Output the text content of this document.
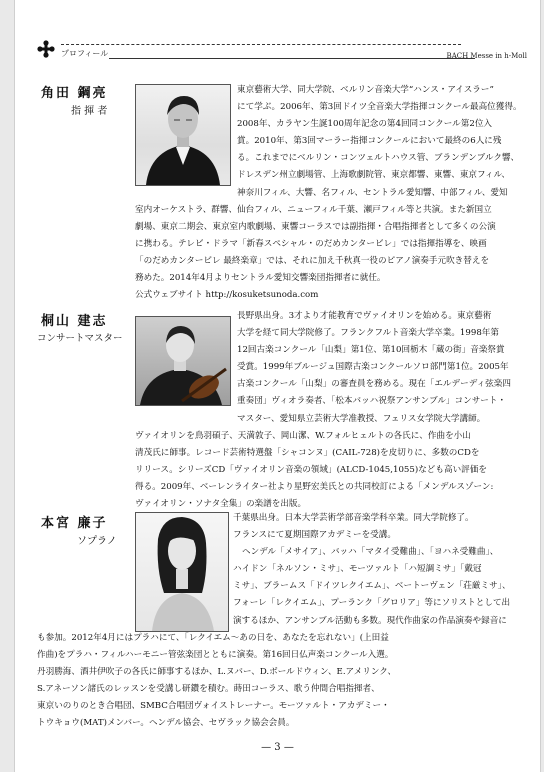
プロフィール	BACH Messe in h-Moll
角田 鋼亮
指 揮 者

東京藝術大学、同大学院、ベルリン音楽大学“ハンス・アイスラー”

にて学ぶ。2006年、第3回ドイツ全音楽大学指揮コンクール最高位獲得。

2008年、カラヤン生誕100周年記念の第4回同コンクール第2位入

賞。2010年、第3回マーラー指揮コンクールにおいて最終の6人に残

る。これまでにベルリン・コンツェルトハウス管、ブランデンブルク響、

ドレスデン州立劇場管、上海歌劇院管、東京都響、東響、東京フィル、

神奈川フィル、大響、名フィル、セントラル愛知響、中部フィル、愛知

室内オーケストラ、群響、仙台フィル、ニューフィル千葉、瀬戸フィル等と共演。また新国立

劇場、東京二期会、東京室内歌劇場、東響コーラスでは副指揮・合唱指揮者として多くの公演

に携わる。テレビ・ドラマ「新春スペシャル・のだめカンタービレ」では指揮指導を、映画

「のだめカンタービレ 最終楽章」では、それに加え千秋真一役のピアノ演奏手元吹き替えを

務めた。2014年4月よりセントラル愛知交響楽団指揮者に就任。

公式ウェブサイト http://kosuketsunoda.com

桐山 建志
コンサートマスター

長野県出身。3才より才能教育でヴァイオリンを始める。東京藝術

大学を経て同大学院修了。フランクフルト音楽大学卒業。1998年第

12回古楽コンクール「山梨」第1位、第10回栃木「蔵の街」音楽祭賞

受賞。1999年ブルージュ国際古楽コンクールソロ部門第1位。2005年

古楽コンクール「山梨」の審査員を務める。現在「エルデーディ弦楽四

重奏団」ヴィオラ奏者、「松本バッハ祝祭アンサンブル」コンサート・

マスター、愛知県立芸術大学准教授、フェリス女学院大学講師。

ヴァイオリンを鳥羽碩子、天満敦子、岡山潔、W.フォルヒェルトの各氏に、作曲を小山

清茂氏に師事。レコード芸術特選盤「シャコンヌ」(CAIL-728)を皮切りに、多数のCDを

リリース。シリーズCD「ヴァイオリン音楽の領域」(ALCD-1045,1055)なども高い評価を

得る。2009年、ベーレンライター社より星野宏美氏との共同校訂による「メンデルスゾーン:

ヴァイオリン・ソナタ全集」の楽譜を出版。

本宮 廉子
ソプラノ

千葉県出身。日本大学芸術学部音楽学科卒業。同大学院修了。

フランスにて夏期国際アカデミーを受講。

ヘンデル「メサイア」、バッハ「マタイ受難曲」、「ヨハネ受難曲」、

ハイドン「ネルソン・ミサ」、モーツァルト「ハ短調ミサ」「戴冠

ミサ」、ブラームス「ドイツレクイエム」、ベートーヴェン「荘厳ミサ」、

フォーレ「レクイエム」、プーランク「グロリア」等にソリストとして出

演するほか、アンサンブル活動も多数。現代作曲家の作品演奏や録音に

も参加。2012年4月にはプラハにて、「レクイエム〜あの日を、あなたを忘れない」(上田益

作曲)をプラハ・フィルハーモニー管弦楽団とともに演奏。第16回日仏声楽コンクール入選。

丹羽勝海、酒井伊吹子の各氏に師事するほか、L.ヌバー、D.ボールドウィン、E.アメリンク、

S.アネーソン諸氏のレッスンを受講し研鑽を積む。蒔田コーラス、歌う仲間合唱指揮者、

東京いのりのとき合唱団、SMBC合唱団ヴォイストレーナー。モーツァルト・アカデミー・

トウキョウ(MAT)メンバー。ヘンデル協会、セヴラック協会会員。

— 3 —
